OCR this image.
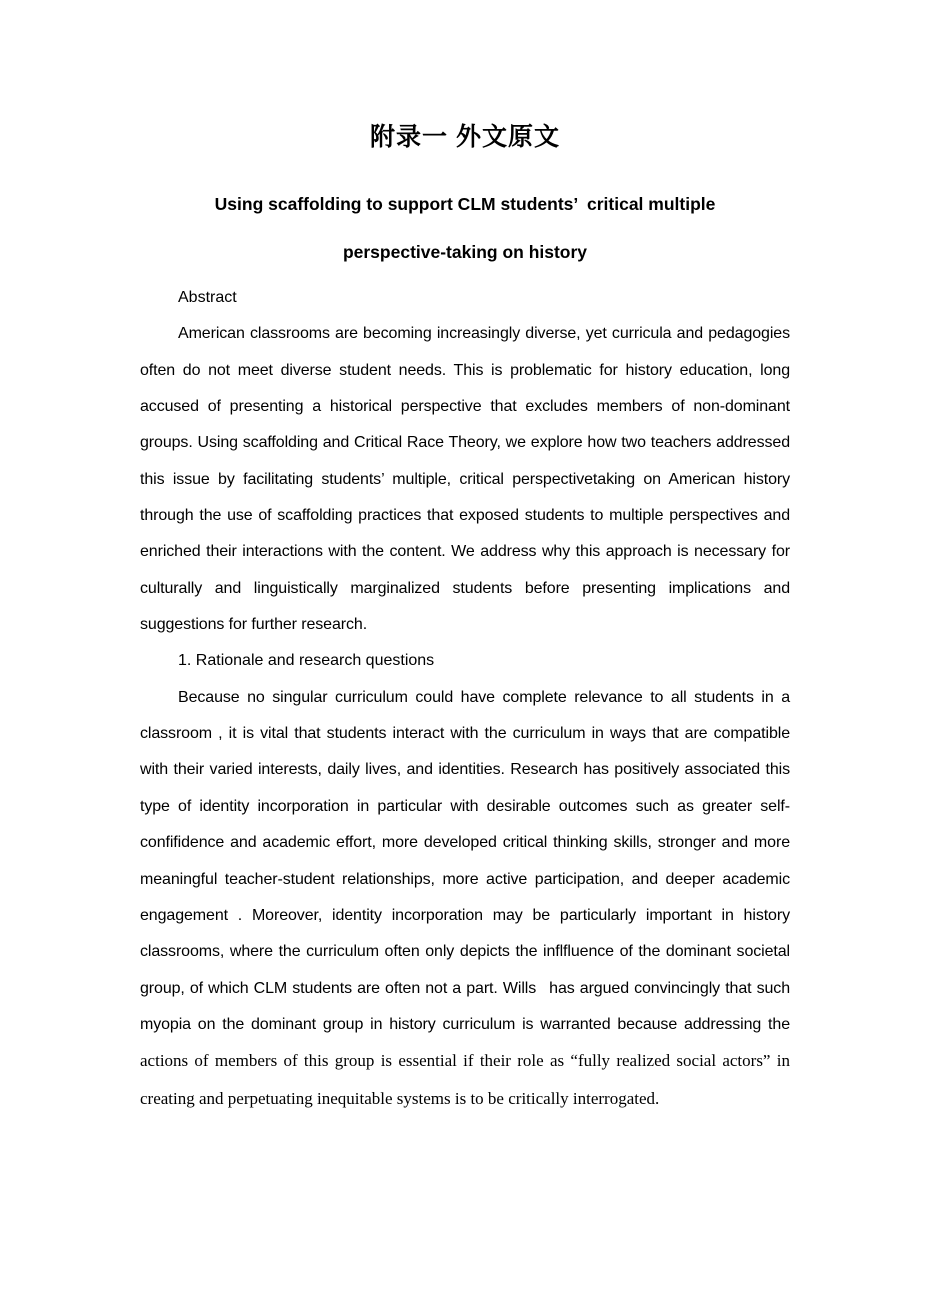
附录一 外文原文
Using scaffolding to support CLM students’ critical multiple
perspective-taking on history

Abstract

American classrooms are becoming increasingly diverse, yet curricula and pedagogies often do not meet diverse student needs. This is problematic for history education, long accused of presenting a historical perspective that excludes members of non-dominant groups. Using scaffolding and Critical Race Theory, we explore how two teachers addressed this issue by facilitating students’ multiple, critical perspectivetaking on American history through the use of scaffolding practices that exposed students to multiple perspectives and enriched their interactions with the content. We address why this approach is necessary for culturally and linguistically marginalized students before presenting implications and suggestions for further research.

1. Rationale and research questions

Because no singular curriculum could have complete relevance to all students in a classroom , it is vital that students interact with the curriculum in ways that are compatible with their varied interests, daily lives, and identities. Research has positively associated this type of identity incorporation in particular with desirable outcomes such as greater self-confifidence and academic effort, more developed critical thinking skills, stronger and more meaningful teacher-student relationships, more active participation, and deeper academic engagement . Moreover, identity incorporation may be particularly important in history classrooms, where the curriculum often only depicts the inflfluence of the dominant societal group, of which CLM students are often not a part. Wills  has argued convincingly that such myopia on the dominant group in history curriculum is warranted because addressing the actions of members of this group is essential if their role as “fully realized social actors” in creating and perpetuating inequitable systems is to be critically interrogated.
